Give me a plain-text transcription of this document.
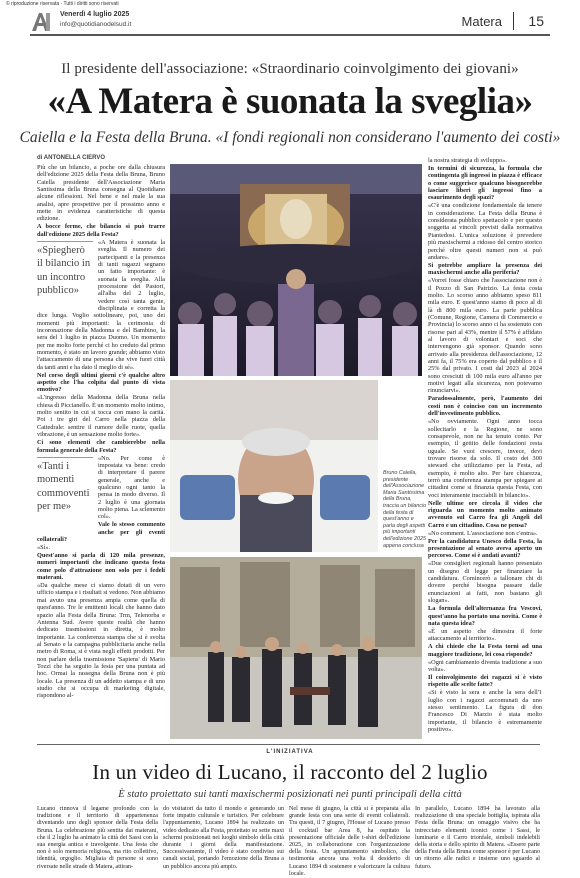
© riproduzione riservata · Tutti i diritti sono riservati
Venerdì 4 luglio 2025
info@quotidianodelsud.it	Matera 15
Il presidente dell'associazione: «Straordinario coinvolgimento dei giovani»
«A Matera è suonata la sveglia»
Caiella e la Festa della Bruna. «I fondi regionali non considerano l'aumento dei costi»
di ANTONELLA CIERVO

Più che un bilancio, a poche ore dalla chiusura dell'edizione 2025 della Festa della Bruna, Bruno Caiella presidente dell'Associazione Maria Santissima della Bruna consegna al Quotidiano alcune riflessioni. Nel bene e nel male la sua analisi, apre prospettive per il prossimo anno e mette in evidenza caratteristiche di questa edizione.

A bocce ferme, che bilancio si può trarre dall'edizione 2025 della Festa?

«Spiegherò il bilancio in un incontro pubblico»

«A Matera è suonata la sveglia. Il numero dei partecipanti e la presenza di tanti ragazzi segnano un fatto importante: è suonata la sveglia. Alla processione dei Pastori, all'alba del 2 luglio, vedere così tanta gente, disciplinata e corretta la dice lunga. Voglio sottolineare, poi, uno dei momenti più importanti: la cerimonia di incoronazione della Madonna e del Bambino, la sera del 1 luglio in piazza Duomo. Un momento per me molto forte perché ci ho creduto dal primo momento, è stato un lavoro grande; abbiamo visto l'attaccamento di una persona che vive fuori città da tanti anni e ha dato il meglio di sé».

Nel corso degli ultimi giorni c'è qualche altro aspetto che l'ha colpita dal punto di vista emotivo?

«L'ingresso della Madonna della Bruna nella chiesa di Piccianello. È un momento molto intimo, molto sentito in cui si tocca con mano la carità. Poi i tre giri del Carro nella piazza della Cattedrale: sentire il rumore delle ruote, quella vibrazione, è un sensazione molto forte».

Ci sono elementi che cambierebbe nella formula generale della Festa?

«Tanti i momenti commoventi per me»

«No. Per come è impostata va bene: credo di interpretare il parere generale, anche e qualcuno ogni tanto la pensa in modo diverso. Il 2 luglio è una giornata molto piena. La sclemento col».

Vale lo stesso commento anche per gli eventi collaterali?

«Sì».

Quest'anno si parla di 120 mila presenze, numeri importanti che indicano questa festa come polo d'attrazione non solo per i fedeli materani.

«Da qualche mese ci siamo dotati di un vero ufficio stampa e i risultati si vedono. Non abbiamo mai avuto una presenza ampia come quella di quest'anno. Tre le emittenti locali che hanno dato spazio alla Festa della Bruna: Trm, Telenorba e Antenna Sud. Avere queste realtà che hanno dedicato trasmissioni in diretta, è molto importante. La conferenza stampa che si è svolta al Senato e la campagna pubblicitaria anche nella metro di Roma, si è vista negli effetti prodotti. Per non parlare della trasmissione 'Sapiens' di Mario Tozzi che ha seguito la festa per una puntata ad hoc. Ormai la rassegna della Bruna non è più locale. La presenza di un addetto stampa e di uno studio che si occupa di marketing digitale, rispondono al-

Bruno Caiella, presidente dell'Associazione Maria Santissima della Bruna, traccia un bilancio della festa di quest'anno e parla degli aspetti più importanti dell'edizione 2025 appena conclusa

la nostra strategia di sviluppo».

In termini di sicurezza, la formula che contingenta gli ingressi in piazza è efficace o come suggerisce qualcuno bisognerebbe lasciare liberi gli ingressi fino a esaurimento degli spazi?

«C'è una condizione fondamentale da tenere in considerazione. La Festa della Bruna è considerata pubblico spettacolo e per questo soggetta ai vincoli previsti dalla normativa Piantedosi. L'unica soluzione è prevedere più maxischermi a ridosso del centro storico perché oltre questi numeri non si può andare».

Si potrebbe ampliare la presenza dei maxischermi anche alla periferia?

«Vorrei fosse chiaro che l'associazione non è il Pozzo di San Patrizio. La festa costa molto. Lo scorso anno abbiamo speso 811 mila euro. E quest'anno siamo di poco al di là di 800 mila euro. La parte pubblica (Comune, Regione, Camera di Commercio e Provincia) lo scorso anno ci ha sostenuto con risorse pari al 43%, mentre il 57% è affidato al lavoro di volontari e soci che intervengono già sponsor. Quando sono arrivato alla presidenza dell'associazione, 12 anni fa, il 75% era coperto dal pubblico e il 25% dal privato. I costi dal 2023 al 2024 sono cresciuti di 100 mila euro all'anno per motivi legati alla sicurezza, non potevamo rinunciarvi».

Paradossalmente, però, l'aumento dei costi non è coinciso con un incremento dell'investimento pubblico.

«No ovviamente. Ogni anno tocca sollecitarlo e la Regione, ne sono consapevole, non ne ha tenuto conto. Per esempio, il gettito delle fondazioni resta uguale. Se vuoi crescere, invece, devi trovare risorse da solo. Il costo dei 300 steward che utilizziamo per la Festa, ad esempio, è molto alto. Per fare chiarezza, terrò una conferenza stampa per spiegare ai cittadini come si finanzia questa Festa, con voci interamente tracciabili in bilancio».

Nelle ultime ore circola il video che riguarda un momento molto animato avvenuto sul Carro fra gli Angeli del Carro e un cittadino. Cosa ne pensa?

«No comment. L'associazione non c'entra».

Per la candidatura Unesco della Festa, la presentazione al senato aveva aperto un percorso. Come si è andati avanti?

«Due consiglieri regionali hanno presentato un disegno di legge per finanziare la candidatura. Comincerò a tallonare chi di dovere perché bisogna passare dalle enunciazioni ai fatti, non bastano gli slogan».

La formula dell'alternanza fra Vescovi, quest'anno ha portato una novità. Come è nata questa idea?

«È un aspetto che dimostra il forte attaccamento al territorio».

A chi chiede che la Festa torni ad una maggiore tradizione, lei cosa risponde?

«Ogni cambiamento diventa tradizione a suo volta».

Il coinvolgimento dei ragazzi si è visto rispetto alle scelte fatte?

«Si è visto la sera e anche la sera dell'1 luglio con i ragazzi accomunati da uno stesso sentimento. La figura di don Francesco Di Marzio è stata molto importante, il bilancio è estremamente positivo».

L'INIZIATIVA
In un video di Lucano, il racconto del 2 luglio
È stato proiettato sui tanti maxischermi posizionati nei punti principali della città
Lucano rinnova il legame profondo con la tradizione e il territorio di appartenenza diventando uno degli sponsor della Festa della Bruna. La celebrazione più sentita dai materani, che il 2 luglio ha animato la città dei Sassi con la sua energia antica e travolgente. Una festa che non è solo memoria religiosa, ma rito collettivo, identità, orgoglio. Migliaia di persone si sono riversate nelle strade di Matera, attiran-
do visitatori da tutto il mondo e generando un forte impatto culturale e turistico. Per celebrare l'appuntamento, Lucano 1894 ha realizzato un video dedicato alla Festa, proiettato su sette maxi schermi posizionati nei luoghi simbolo della città durante i giorni della manifestazione. Successivamente, il video è stato condiviso sui canali social, portando l'emozione della Bruna a un pubblico ancora più ampio.
Nel mese di giugno, la città si è preparata alla grande festa con una serie di eventi collaterali. Tra questi, il 7 giugno, l'House of Lucano presso il cocktail bar Area 8, ha ospitato la presentazione ufficiale delle t-shirt dell'edizione 2025, in collaborazione con l'organizzazione della festa. Un appuntamento simbolico, che testimonia ancora una volta il desiderio di Lucano 1894 di sostenere e valorizzare la cultura locale.
In parallelo, Lucano 1894 ha lavorato alla realizzazione di una speciale bottiglia, ispirata alla Festa della Bruna: un omaggio visivo che ha intrecciato elementi iconici come i Sassi, le luminarie e il Carro trionfale, simboli indelebili della storia e dello spirito di Matera. «Essere parte della Festa della Bruna come sponsor è per Lucano un ritorno alle radici e insieme uno sguardo al futuro.
